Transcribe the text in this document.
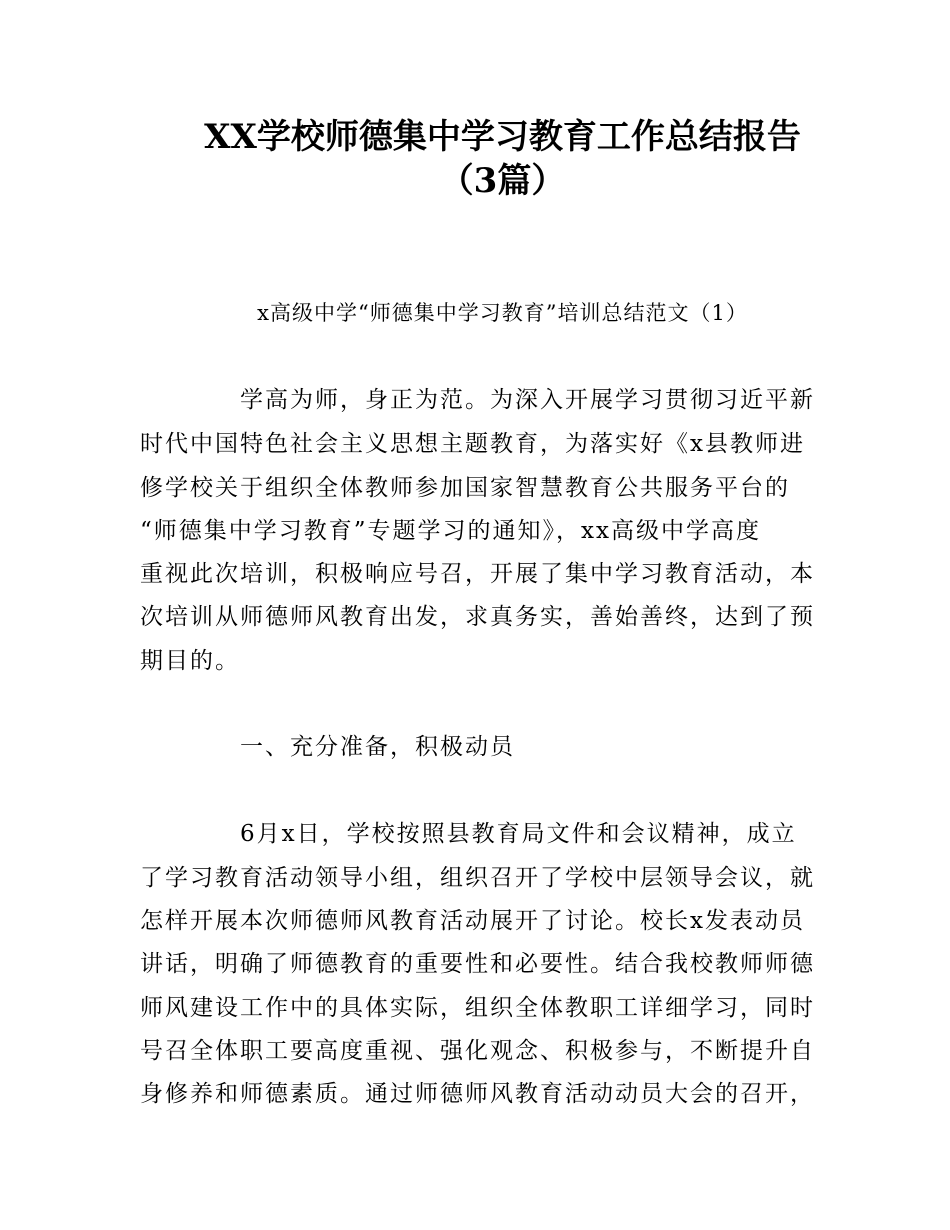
XX学校师德集中学习教育工作总结报告
（3篇）

x高级中学“师德集中学习教育”培训总结范文（1）

学高为师，身正为范。为深入开展学习贯彻习近平新

时代中国特色社会主义思想主题教育，为落实好《x县教师进

修学校关于组织全体教师参加国家智慧教育公共服务平台的

“师德集中学习教育”专题学习的通知》，xx高级中学高度

重视此次培训，积极响应号召，开展了集中学习教育活动，本

次培训从师德师风教育出发，求真务实，善始善终，达到了预

期目的。

一、充分准备，积极动员

6月x日，学校按照县教育局文件和会议精神，成立

了学习教育活动领导小组，组织召开了学校中层领导会议，就

怎样开展本次师德师风教育活动展开了讨论。校长x发表动员

讲话，明确了师德教育的重要性和必要性。结合我校教师师德

师风建设工作中的具体实际，组织全体教职工详细学习，同时

号召全体职工要高度重视、强化观念、积极参与，不断提升自

身修养和师德素质。通过师德师风教育活动动员大会的召开，
